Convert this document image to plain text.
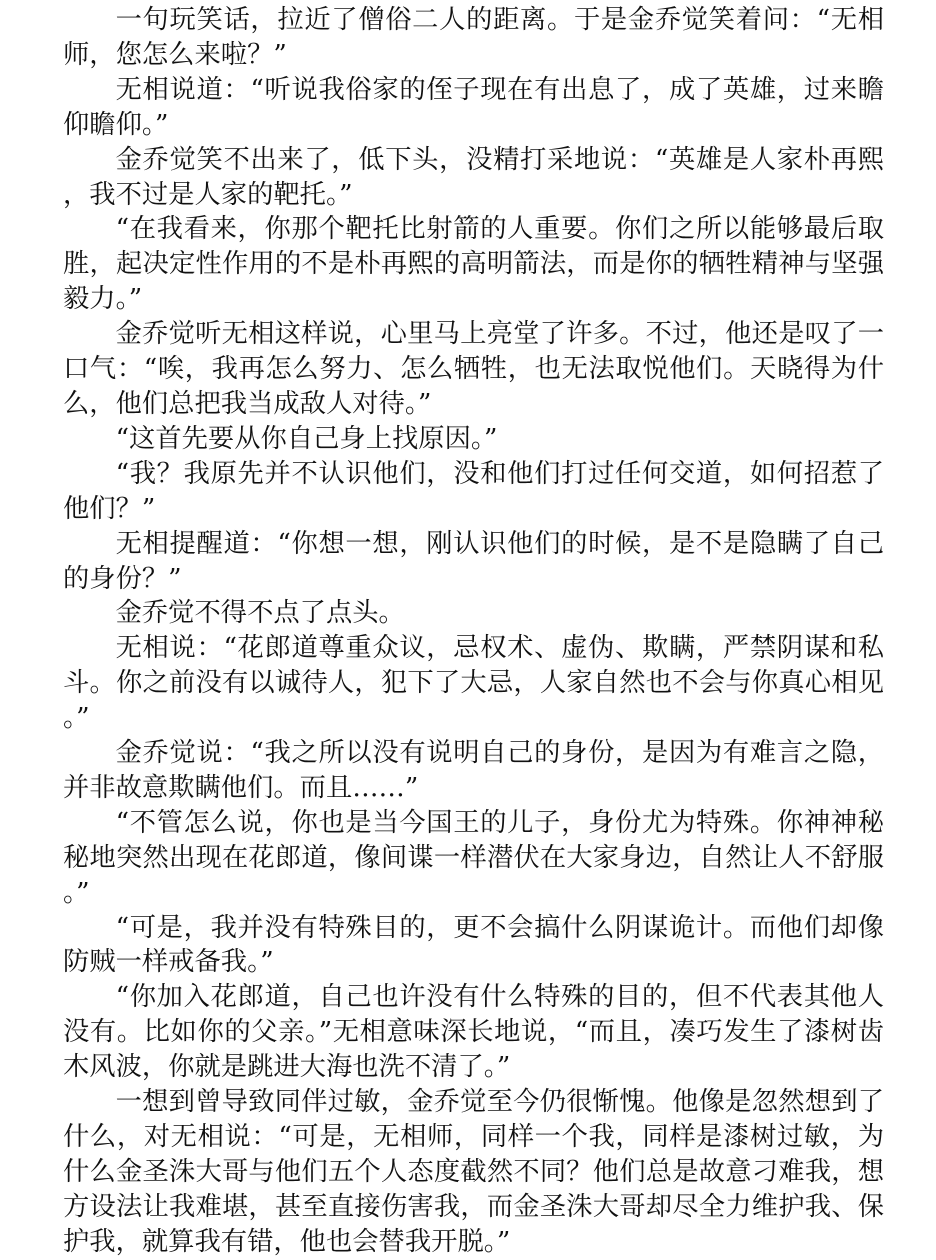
一句玩笑话，拉近了僧俗二人的距离。于是金乔觉笑着问：“无相师，您怎么来啦？”

无相说道：“听说我俗家的侄子现在有出息了，成了英雄，过来瞻仰瞻仰。”

金乔觉笑不出来了，低下头，没精打采地说：“英雄是人家朴再熙，我不过是人家的靶托。”

“在我看来，你那个靶托比射箭的人重要。你们之所以能够最后取胜，起决定性作用的不是朴再熙的高明箭法，而是你的牺牲精神与坚强毅力。”

金乔觉听无相这样说，心里马上亮堂了许多。不过，他还是叹了一口气：“唉，我再怎么努力、怎么牺牲，也无法取悦他们。天晓得为什么，他们总把我当成敌人对待。”

“这首先要从你自己身上找原因。”

“我？我原先并不认识他们，没和他们打过任何交道，如何招惹了他们？”

无相提醒道：“你想一想，刚认识他们的时候，是不是隐瞒了自己的身份？”

金乔觉不得不点了点头。

无相说：“花郎道尊重众议，忌权术、虚伪、欺瞒，严禁阴谋和私斗。你之前没有以诚待人，犯下了大忌，人家自然也不会与你真心相见。”

金乔觉说：“我之所以没有说明自己的身份，是因为有难言之隐，并非故意欺瞒他们。而且……”

“不管怎么说，你也是当今国王的儿子，身份尤为特殊。你神神秘秘地突然出现在花郎道，像间谍一样潜伏在大家身边，自然让人不舒服。”

“可是，我并没有特殊目的，更不会搞什么阴谋诡计。而他们却像防贼一样戒备我。”

“你加入花郎道，自己也许没有什么特殊的目的，但不代表其他人没有。比如你的父亲。”无相意味深长地说，“而且，凑巧发生了漆树齿木风波，你就是跳进大海也洗不清了。”

一想到曾导致同伴过敏，金乔觉至今仍很惭愧。他像是忽然想到了什么，对无相说：“可是，无相师，同样一个我，同样是漆树过敏，为什么金圣洙大哥与他们五个人态度截然不同？他们总是故意刁难我，想方设法让我难堪，甚至直接伤害我，而金圣洙大哥却尽全力维护我、保护我，就算我有错，他也会替我开脱。”
